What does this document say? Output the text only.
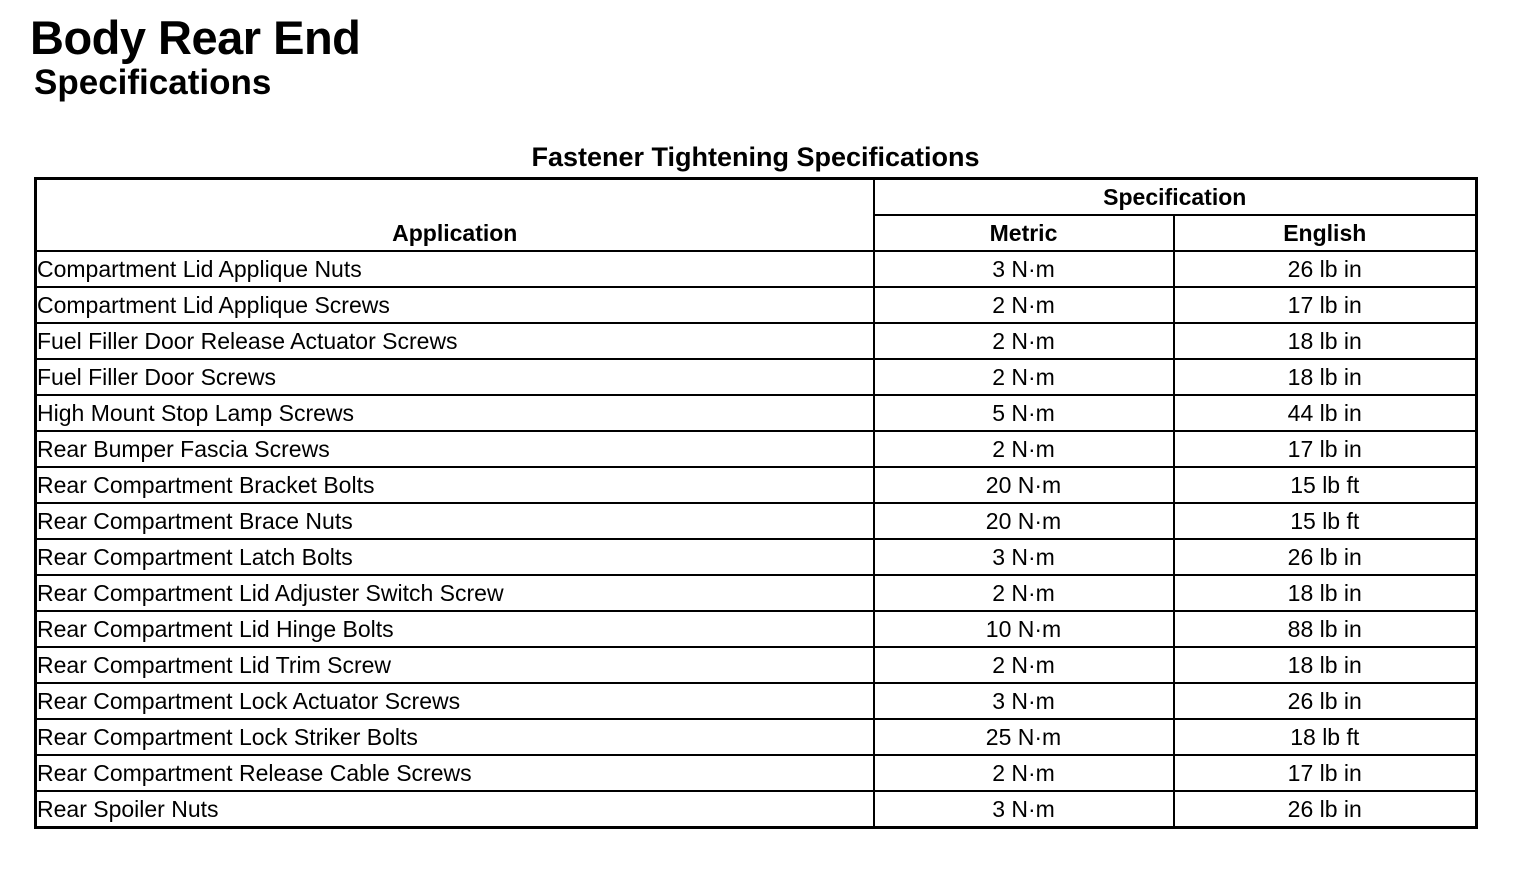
Body Rear End
Specifications
Fastener Tightening Specifications
Application	Specification	
	Metric	English
Compartment Lid Applique Nuts	3 N·m	26 lb in
Compartment Lid Applique Screws	2 N·m	17 lb in
Fuel Filler Door Release Actuator Screws	2 N·m	18 lb in
Fuel Filler Door Screws	2 N·m	18 lb in
High Mount Stop Lamp Screws	5 N·m	44 lb in
Rear Bumper Fascia Screws	2 N·m	17 lb in
Rear Compartment Bracket Bolts	20 N·m	15 lb ft
Rear Compartment Brace Nuts	20 N·m	15 lb ft
Rear Compartment Latch Bolts	3 N·m	26 lb in
Rear Compartment Lid Adjuster Switch Screw	2 N·m	18 lb in
Rear Compartment Lid Hinge Bolts	10 N·m	88 lb in
Rear Compartment Lid Trim Screw	2 N·m	18 lb in
Rear Compartment Lock Actuator Screws	3 N·m	26 lb in
Rear Compartment Lock Striker Bolts	25 N·m	18 lb ft
Rear Compartment Release Cable Screws	2 N·m	17 lb in
Rear Spoiler Nuts	3 N·m	26 lb in
